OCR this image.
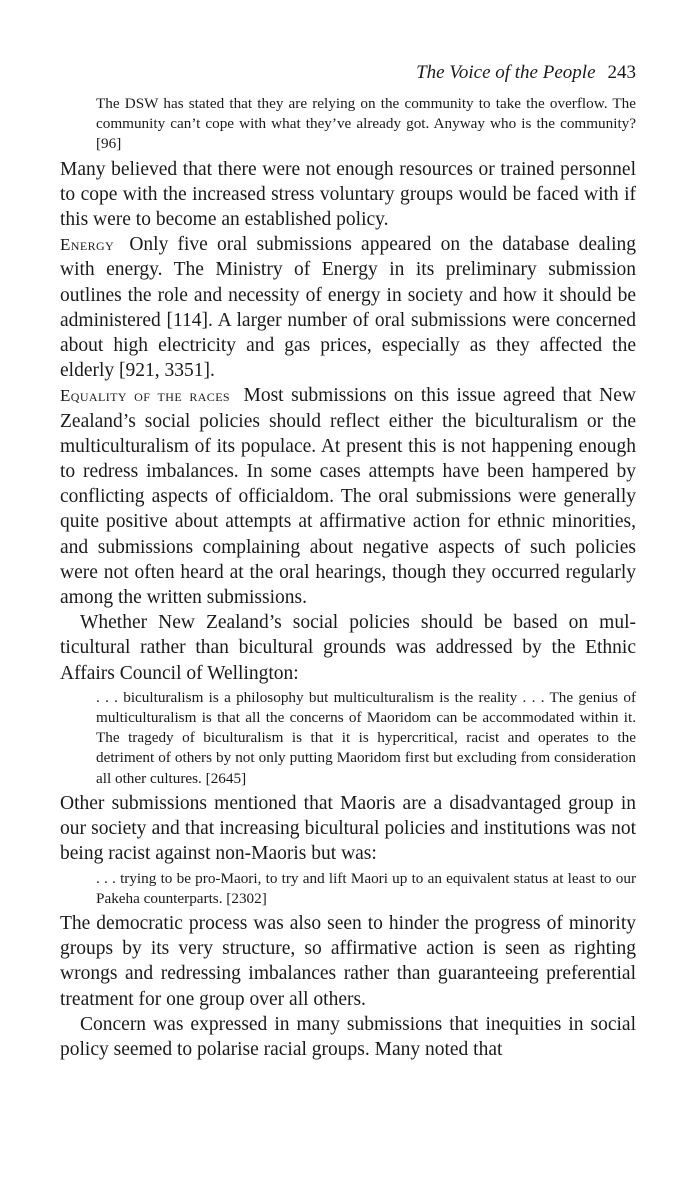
The Voice of the People 243
The DSW has stated that they are relying on the community to take the overflow. The community can’t cope with what they’ve already got. Anyway who is the community? [96]

Many believed that there were not enough resources or trained personnel to cope with the increased stress voluntary groups would be faced with if this were to become an established policy.

Energy Only five oral submissions appeared on the database dealing with energy. The Ministry of Energy in its preliminary submission outlines the role and necessity of energy in society and how it should be administered [114]. A larger number of oral submissions were concerned about high electricity and gas prices, especially as they affected the elderly [921, 3351].

Equality of the races Most submissions on this issue agreed that New Zealand’s social policies should reflect either the biculturalism or the multiculturalism of its populace. At present this is not happening enough to redress imbalances. In some cases attempts have been hampered by conflicting aspects of officialdom. The oral submissions were generally quite positive about attempts at affirmative action for ethnic minorities, and submissions complaining about negative aspects of such policies were not often heard at the oral hearings, though they occurred regularly among the written submissions.

Whether New Zealand’s social policies should be based on multicultural rather than bicultural grounds was addressed by the Ethnic Affairs Council of Wellington:

. . . biculturalism is a philosophy but multiculturalism is the reality . . . The genius of multiculturalism is that all the concerns of Maoridom can be accommodated within it. The tragedy of biculturalism is that it is hypercritical, racist and operates to the detriment of others by not only putting Maoridom first but excluding from consideration all other cultures. [2645]

Other submissions mentioned that Maoris are a disadvantaged group in our society and that increasing bicultural policies and institutions was not being racist against non-Maoris but was:

. . . trying to be pro-Maori, to try and lift Maori up to an equivalent status at least to our Pakeha counterparts. [2302]

The democratic process was also seen to hinder the progress of minority groups by its very structure, so affirmative action is seen as righting wrongs and redressing imbalances rather than guaranteeing preferential treatment for one group over all others.

Concern was expressed in many submissions that inequities in social policy seemed to polarise racial groups. Many noted that
